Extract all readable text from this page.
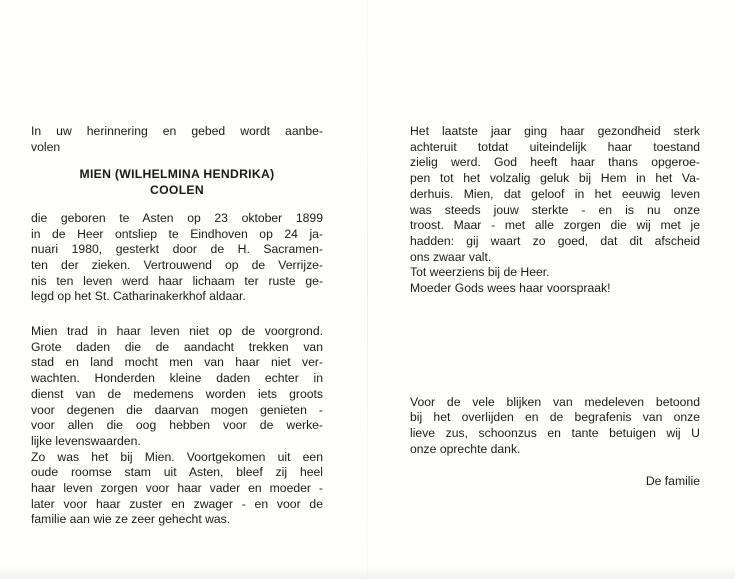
In uw herinnering en gebed wordt aanbe-
volen
MIEN (WILHELMINA HENDRIKA)
COOLEN
die geboren te Asten op 23 oktober 1899
in de Heer ontsliep te Eindhoven op 24 ja-
nuari 1980, gesterkt door de H. Sacramen-
ten der zieken. Vertrouwend op de Verrijze-
nis ten leven werd haar lichaam ter ruste ge-
legd op het St. Catharinakerkhof aldaar.
Mien trad in haar leven niet op de voorgrond.
Grote daden die de aandacht trekken van
stad en land mocht men van haar niet ver-
wachten. Honderden kleine daden echter in
dienst van de medemens worden iets groots
voor degenen die daarvan mogen genieten -
voor allen die oog hebben voor de werke-
lijke levenswaarden.
Zo was het bij Mien. Voortgekomen uit een
oude roomse stam uit Asten, bleef zij heel
haar leven zorgen voor haar vader en moeder -
later voor haar zuster en zwager - en voor de
familie aan wie ze zeer gehecht was.
Het laatste jaar ging haar gezondheid sterk
achteruit totdat uiteindelijk haar toestand
zielig werd. God heeft haar thans opgeroe-
pen tot het volzalig geluk bij Hem in het Va-
derhuis. Mien, dat geloof in het eeuwig leven
was steeds jouw sterkte - en is nu onze
troost. Maar - met alle zorgen die wij met je
hadden: gij waart zo goed, dat dit afscheid
ons zwaar valt.
Tot weerziens bij de Heer.
Moeder Gods wees haar voorspraak!
Voor de vele blijken van medeleven betoond
bij het overlijden en de begrafenis van onze
lieve zus, schoonzus en tante betuigen wij U
onze oprechte dank.
De familie
